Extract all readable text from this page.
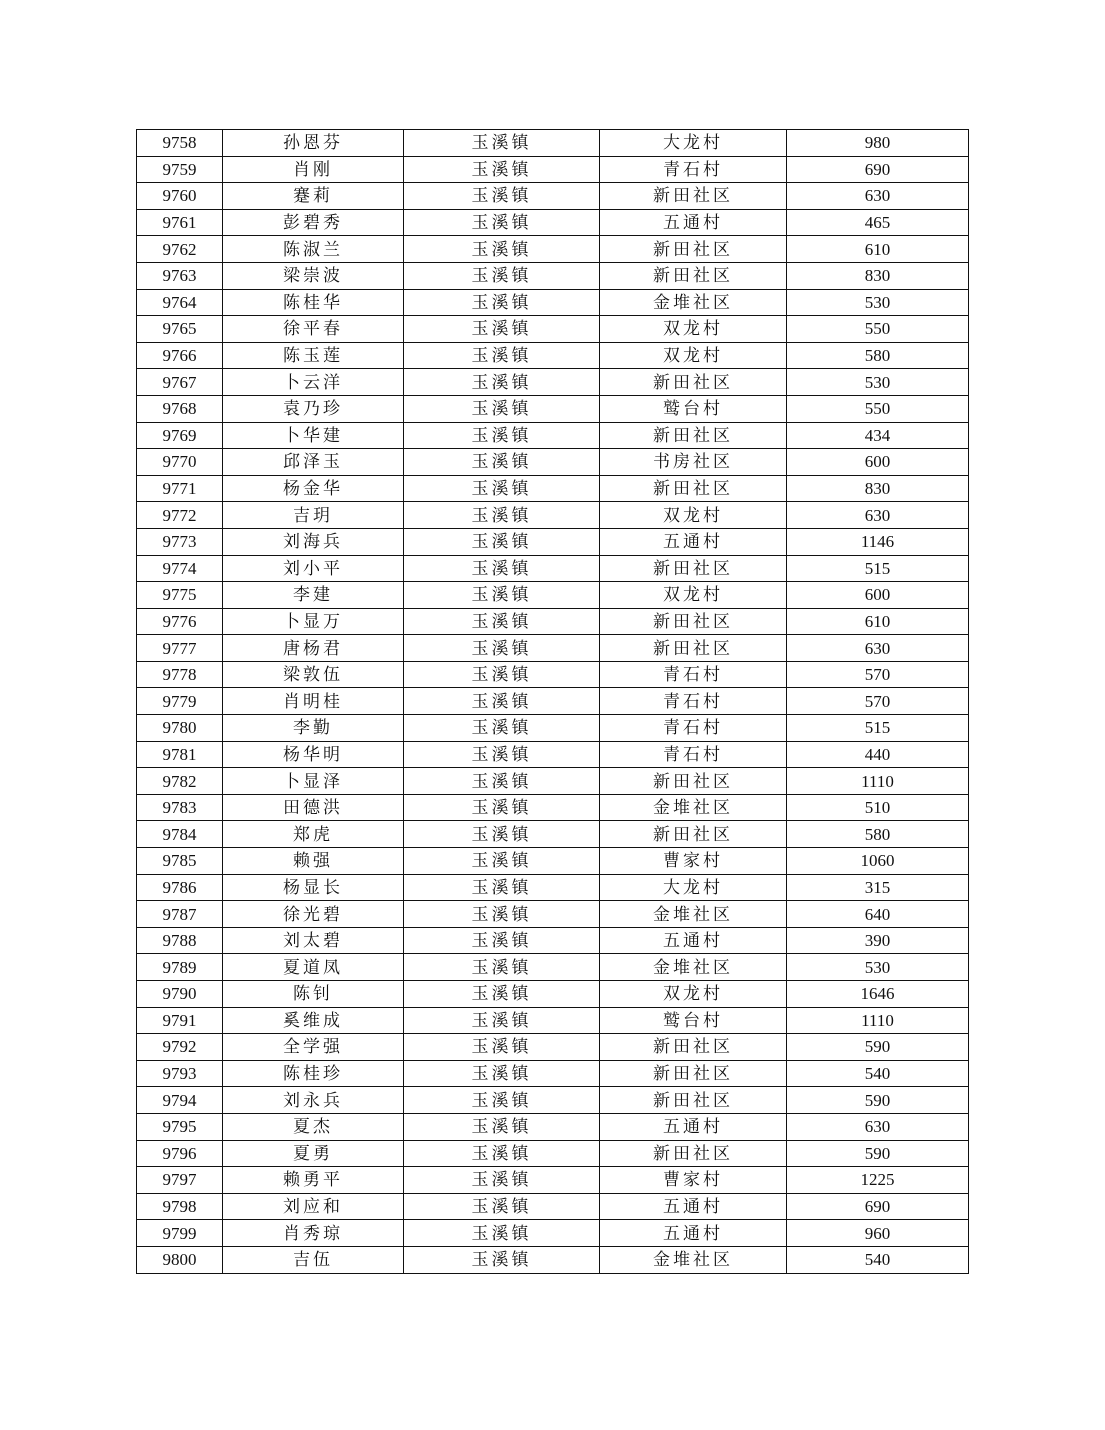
9758	孙恩芬	玉溪镇	大龙村	980
9759	肖刚	玉溪镇	青石村	690
9760	蹇莉	玉溪镇	新田社区	630
9761	彭碧秀	玉溪镇	五通村	465
9762	陈淑兰	玉溪镇	新田社区	610
9763	梁崇波	玉溪镇	新田社区	830
9764	陈桂华	玉溪镇	金堆社区	530
9765	徐平春	玉溪镇	双龙村	550
9766	陈玉莲	玉溪镇	双龙村	580
9767	卜云洋	玉溪镇	新田社区	530
9768	袁乃珍	玉溪镇	鹫台村	550
9769	卜华建	玉溪镇	新田社区	434
9770	邱泽玉	玉溪镇	书房社区	600
9771	杨金华	玉溪镇	新田社区	830
9772	吉玥	玉溪镇	双龙村	630
9773	刘海兵	玉溪镇	五通村	1146
9774	刘小平	玉溪镇	新田社区	515
9775	李建	玉溪镇	双龙村	600
9776	卜显万	玉溪镇	新田社区	610
9777	唐杨君	玉溪镇	新田社区	630
9778	梁敦伍	玉溪镇	青石村	570
9779	肖明桂	玉溪镇	青石村	570
9780	李勤	玉溪镇	青石村	515
9781	杨华明	玉溪镇	青石村	440
9782	卜显泽	玉溪镇	新田社区	1110
9783	田德洪	玉溪镇	金堆社区	510
9784	郑虎	玉溪镇	新田社区	580
9785	赖强	玉溪镇	曹家村	1060
9786	杨显长	玉溪镇	大龙村	315
9787	徐光碧	玉溪镇	金堆社区	640
9788	刘太碧	玉溪镇	五通村	390
9789	夏道凤	玉溪镇	金堆社区	530
9790	陈钊	玉溪镇	双龙村	1646
9791	奚维成	玉溪镇	鹫台村	1110
9792	全学强	玉溪镇	新田社区	590
9793	陈桂珍	玉溪镇	新田社区	540
9794	刘永兵	玉溪镇	新田社区	590
9795	夏杰	玉溪镇	五通村	630
9796	夏勇	玉溪镇	新田社区	590
9797	赖勇平	玉溪镇	曹家村	1225
9798	刘应和	玉溪镇	五通村	690
9799	肖秀琼	玉溪镇	五通村	960
9800	吉伍	玉溪镇	金堆社区	540
